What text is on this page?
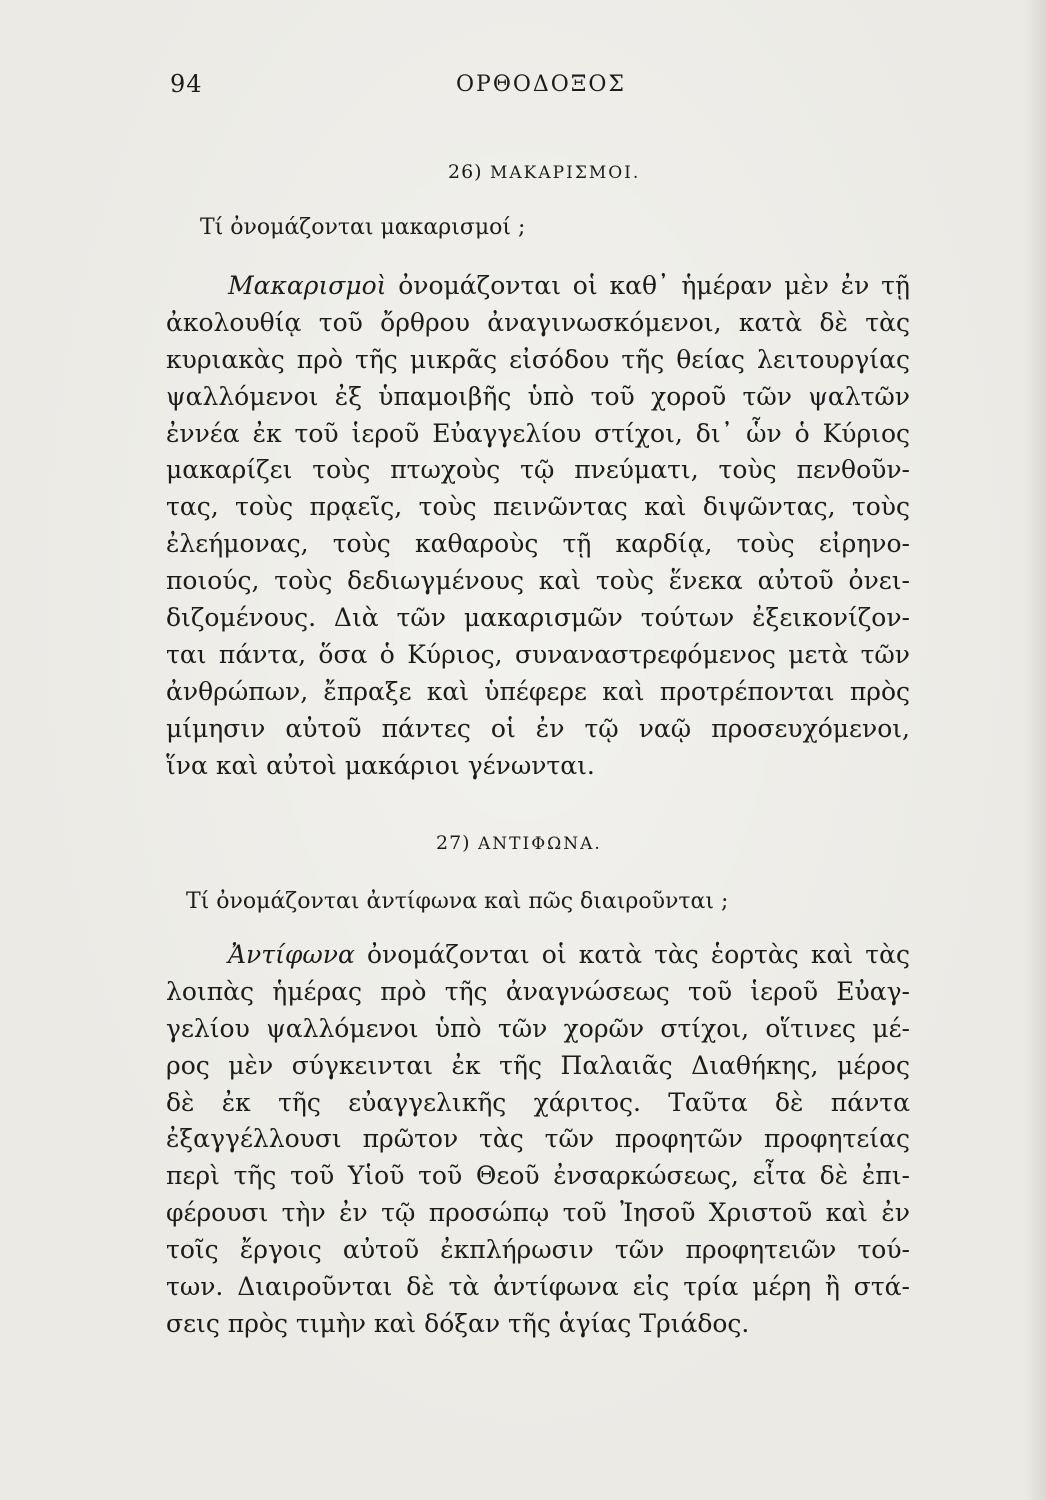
94	ΟΡΘΟΔΟΞΟΣ
26) ΜΑΚΑΡΙΣΜΟΙ.
Τί ὀνομάζονται μακαρισμοί ;
Μακαρισμοὶ ὀνομάζονται οἱ καθ᾽ ἡμέραν μὲν ἐν τῇ
ἀκολουθίᾳ τοῦ ὄρθρου ἀναγινωσκόμενοι, κατὰ δὲ τὰς
κυριακὰς πρὸ τῆς μικρᾶς εἰσόδου τῆς θείας λειτουργίας
ψαλλόμενοι ἐξ ὑπαμοιβῆς ὑπὸ τοῦ χοροῦ τῶν ψαλτῶν
ἐννέα ἐκ τοῦ ἱεροῦ Εὐαγγελίου στίχοι, δι᾽ ὧν ὁ Κύριος
μακαρίζει τοὺς πτωχοὺς τῷ πνεύματι, τοὺς πενθοῦν-
τας, τοὺς πρᾳεῖς, τοὺς πεινῶντας καὶ διψῶντας, τοὺς
ἐλεήμονας, τοὺς καθαροὺς τῇ καρδίᾳ, τοὺς εἰρηνο-
ποιούς, τοὺς δεδιωγμένους καὶ τοὺς ἕνεκα αὐτοῦ ὀνει-
διζομένους. Διὰ τῶν μακαρισμῶν τούτων ἐξεικονίζον-
ται πάντα, ὅσα ὁ Κύριος, συναναστρεφόμενος μετὰ τῶν
ἀνθρώπων, ἔπραξε καὶ ὑπέφερε καὶ προτρέπονται πρὸς
μίμησιν αὐτοῦ πάντες οἱ ἐν τῷ ναῷ προσευχόμενοι,
ἵνα καὶ αὐτοὶ μακάριοι γένωνται.
27) ΑΝΤΙΦΩΝΑ.
Τί ὀνομάζονται ἀντίφωνα καὶ πῶς διαιροῦνται ;
Ἀντίφωνα ὀνομάζονται οἱ κατὰ τὰς ἑορτὰς καὶ τὰς
λοιπὰς ἡμέρας πρὸ τῆς ἀναγνώσεως τοῦ ἱεροῦ Εὐαγ-
γελίου ψαλλόμενοι ὑπὸ τῶν χορῶν στίχοι, οἵτινες μέ-
ρος μὲν σύγκεινται ἐκ τῆς Παλαιᾶς Διαθήκης, μέρος
δὲ ἐκ τῆς εὐαγγελικῆς χάριτος. Ταῦτα δὲ πάντα
ἐξαγγέλλουσι πρῶτον τὰς τῶν προφητῶν προφητείας
περὶ τῆς τοῦ Υἱοῦ τοῦ Θεοῦ ἐνσαρκώσεως, εἶτα δὲ ἐπι-
φέρουσι τὴν ἐν τῷ προσώπῳ τοῦ Ἰησοῦ Χριστοῦ καὶ ἐν
τοῖς ἔργοις αὐτοῦ ἐκπλήρωσιν τῶν προφητειῶν τού-
των. Διαιροῦνται δὲ τὰ ἀντίφωνα εἰς τρία μέρη ἢ στά-
σεις πρὸς τιμὴν καὶ δόξαν τῆς ἁγίας Τριάδος.
